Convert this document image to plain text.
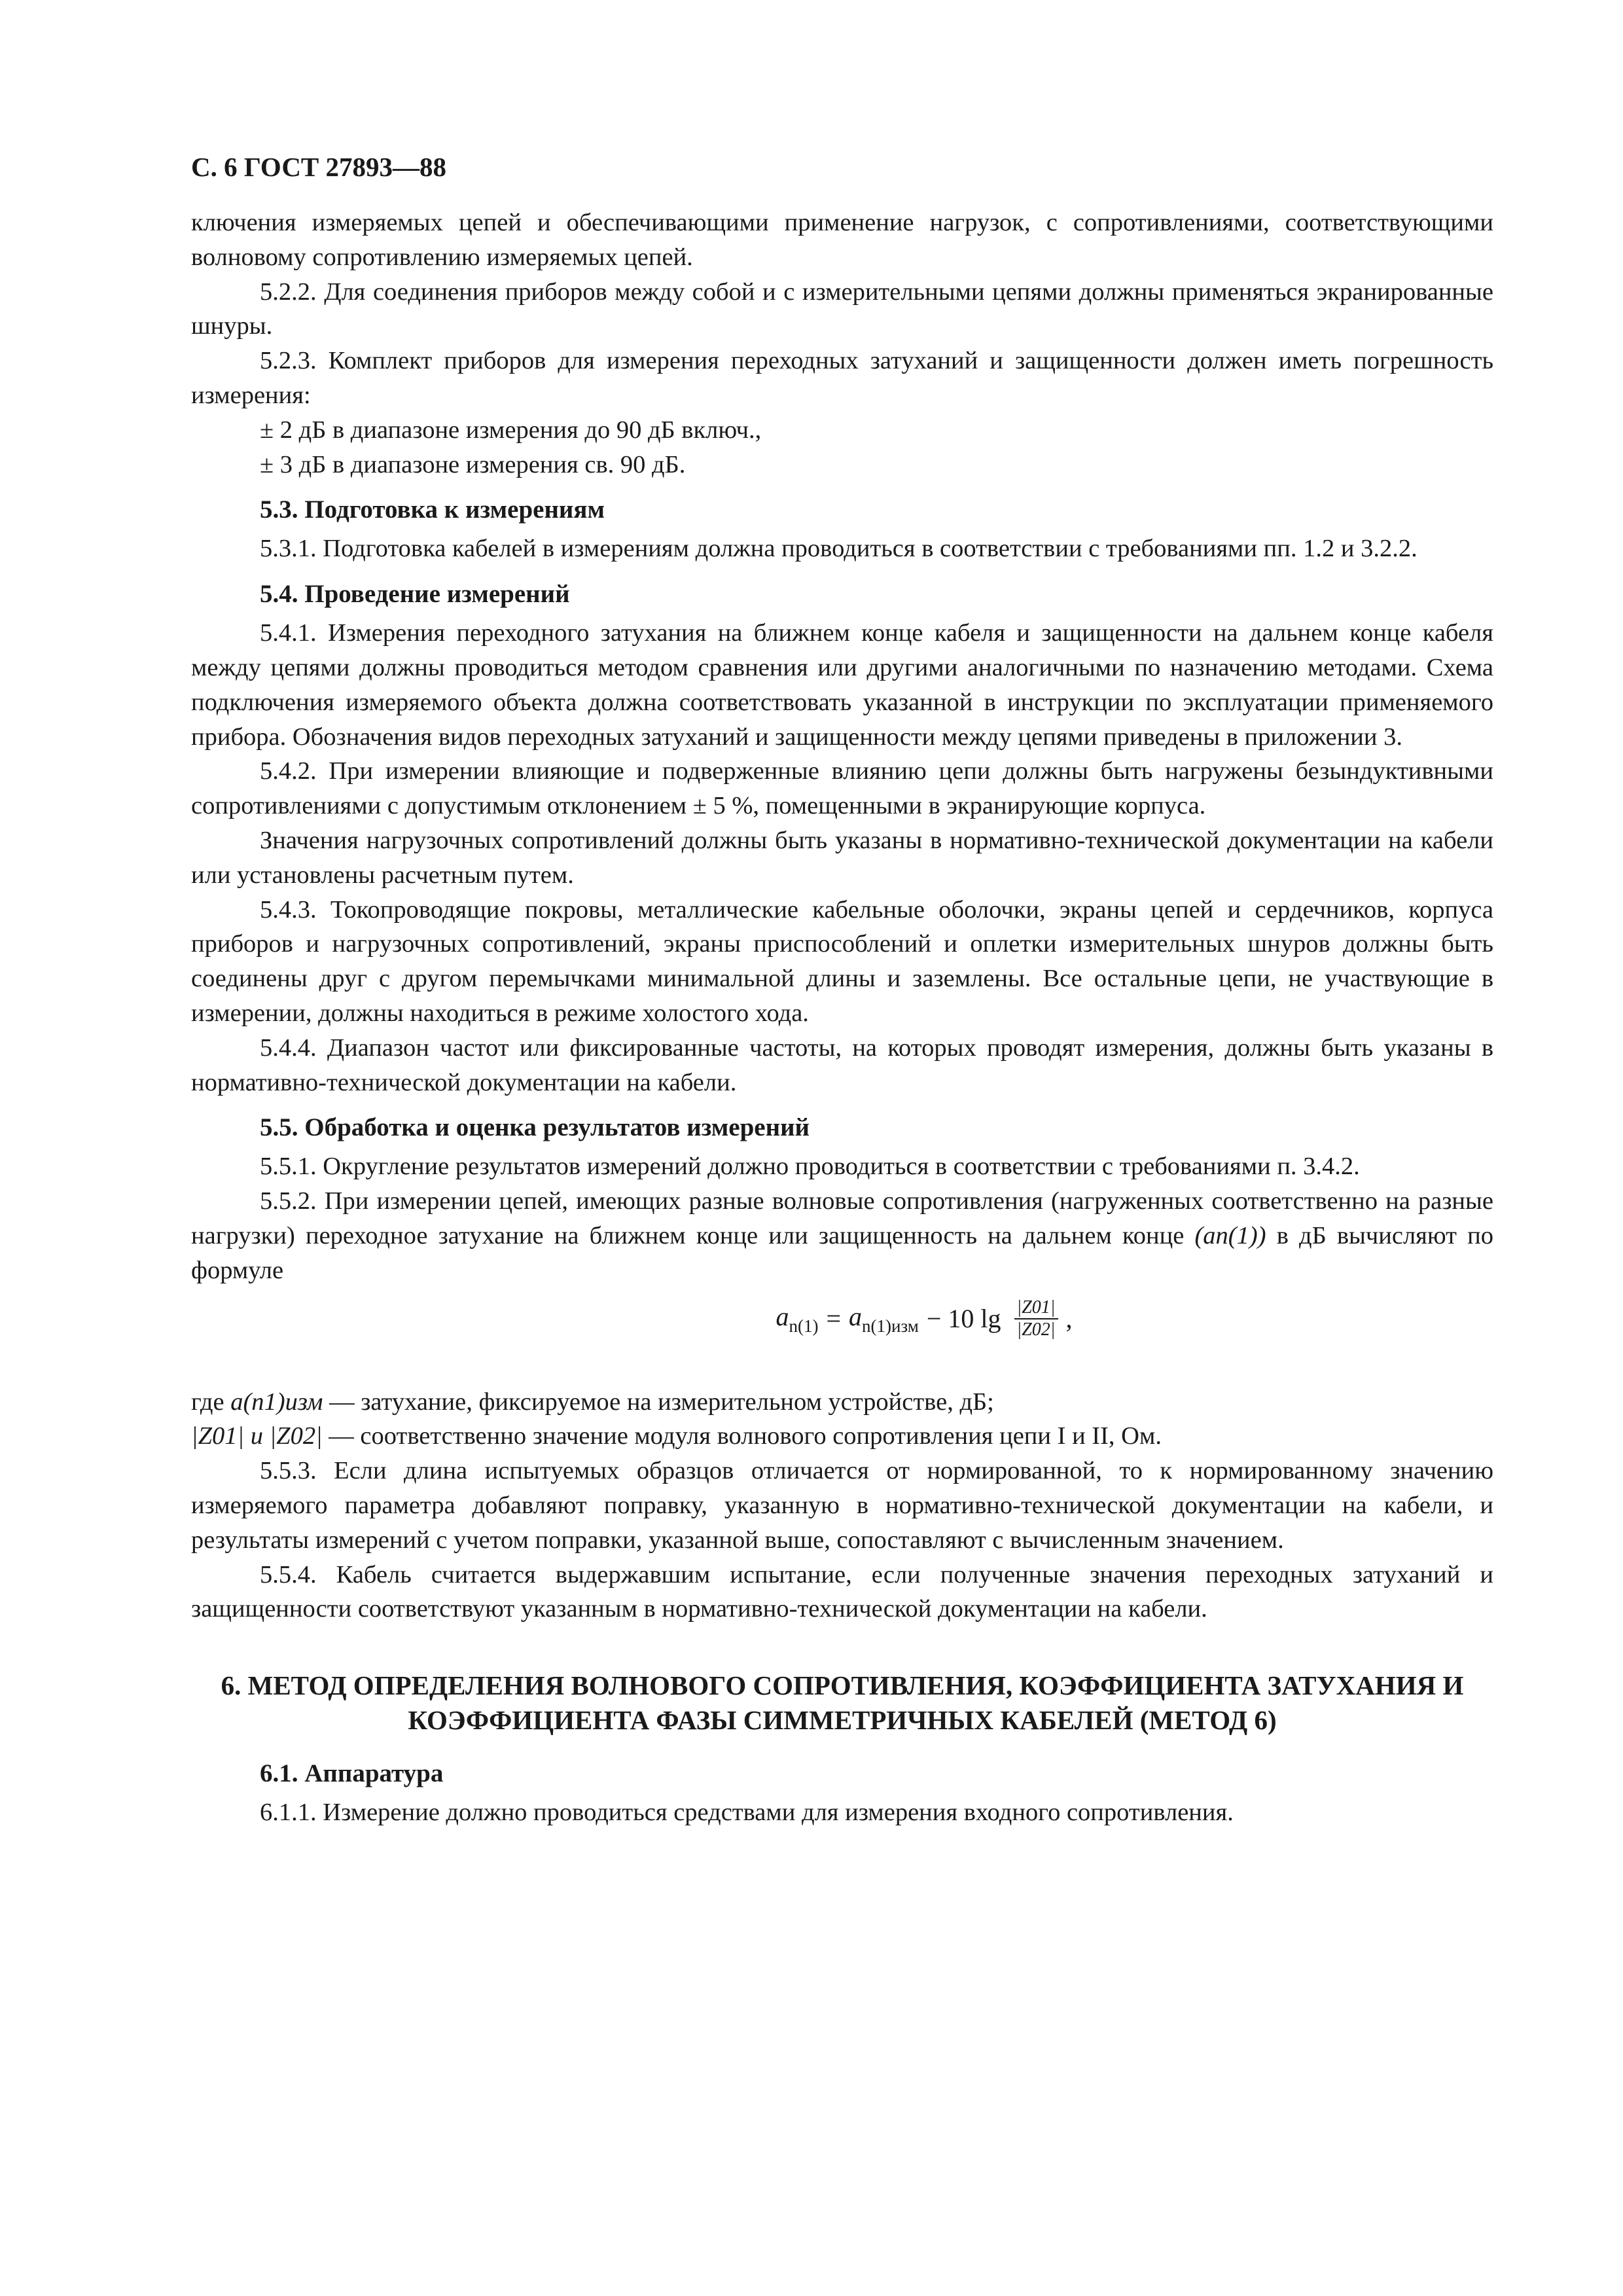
С. 6 ГОСТ 27893—88

ключения измеряемых цепей и обеспечивающими применение нагрузок, с сопротивлениями, соответствующими волновому сопротивлению измеряемых цепей.

5.2.2. Для соединения приборов между собой и с измерительными цепями должны применяться экранированные шнуры.

5.2.3. Комплект приборов для измерения переходных затуханий и защищенности должен иметь погрешность измерения:

± 2 дБ в диапазоне измерения до 90 дБ включ.,

± 3 дБ в диапазоне измерения св. 90 дБ.

5.3. Подготовка к измерениям

5.3.1. Подготовка кабелей в измерениям должна проводиться в соответствии с требованиями пп. 1.2 и 3.2.2.

5.4. Проведение измерений

5.4.1. Измерения переходного затухания на ближнем конце кабеля и защищенности на дальнем конце кабеля между цепями должны проводиться методом сравнения или другими аналогичными по назначению методами. Схема подключения измеряемого объекта должна соответствовать указанной в инструкции по эксплуатации применяемого прибора. Обозначения видов переходных затуханий и защищенности между цепями приведены в приложении 3.

5.4.2. При измерении влияющие и подверженные влиянию цепи должны быть нагружены безындуктивными сопротивлениями с допустимым отклонением ± 5 %, помещенными в экранирующие корпуса.

Значения нагрузочных сопротивлений должны быть указаны в нормативно-технической документации на кабели или установлены расчетным путем.

5.4.3. Токопроводящие покровы, металлические кабельные оболочки, экраны цепей и сердечников, корпуса приборов и нагрузочных сопротивлений, экраны приспособлений и оплетки измерительных шнуров должны быть соединены друг с другом перемычками минимальной длины и заземлены. Все остальные цепи, не участвующие в измерении, должны находиться в режиме холостого хода.

5.4.4. Диапазон частот или фиксированные частоты, на которых проводят измерения, должны быть указаны в нормативно-технической документации на кабели.

5.5. Обработка и оценка результатов измерений

5.5.1. Округление результатов измерений должно проводиться в соответствии с требованиями п. 3.4.2.

5.5.2. При измерении цепей, имеющих разные волновые сопротивления (нагруженных соответственно на разные нагрузки) переходное затухание на ближнем конце или защищенность на дальнем конце (an(1)) в дБ вычисляют по формуле

$a_{n(1)} = a_{n(1)изм} - 10$ $\lg \frac{|Z01|}{|Z02|}$ ,

где a(n1)изм — затухание, фиксируемое на измерительном устройстве, дБ;

|Z01| и |Z02| — соответственно значение модуля волнового сопротивления цепи I и II, Ом.

5.5.3. Если длина испытуемых образцов отличается от нормированной, то к нормированному значению измеряемого параметра добавляют поправку, указанную в нормативно-технической документации на кабели, и результаты измерений с учетом поправки, указанной выше, сопоставляют с вычисленным значением.

5.5.4. Кабель считается выдержавшим испытание, если полученные значения переходных затуханий и защищенности соответствуют указанным в нормативно-технической документации на кабели.

6. МЕТОД ОПРЕДЕЛЕНИЯ ВОЛНОВОГО СОПРОТИВЛЕНИЯ, КОЭФФИЦИЕНТА ЗАТУХАНИЯ И КОЭФФИЦИЕНТА ФАЗЫ СИММЕТРИЧНЫХ КАБЕЛЕЙ (МЕТОД 6)
6.1. Аппаратура

6.1.1. Измерение должно проводиться средствами для измерения входного сопротивления.
